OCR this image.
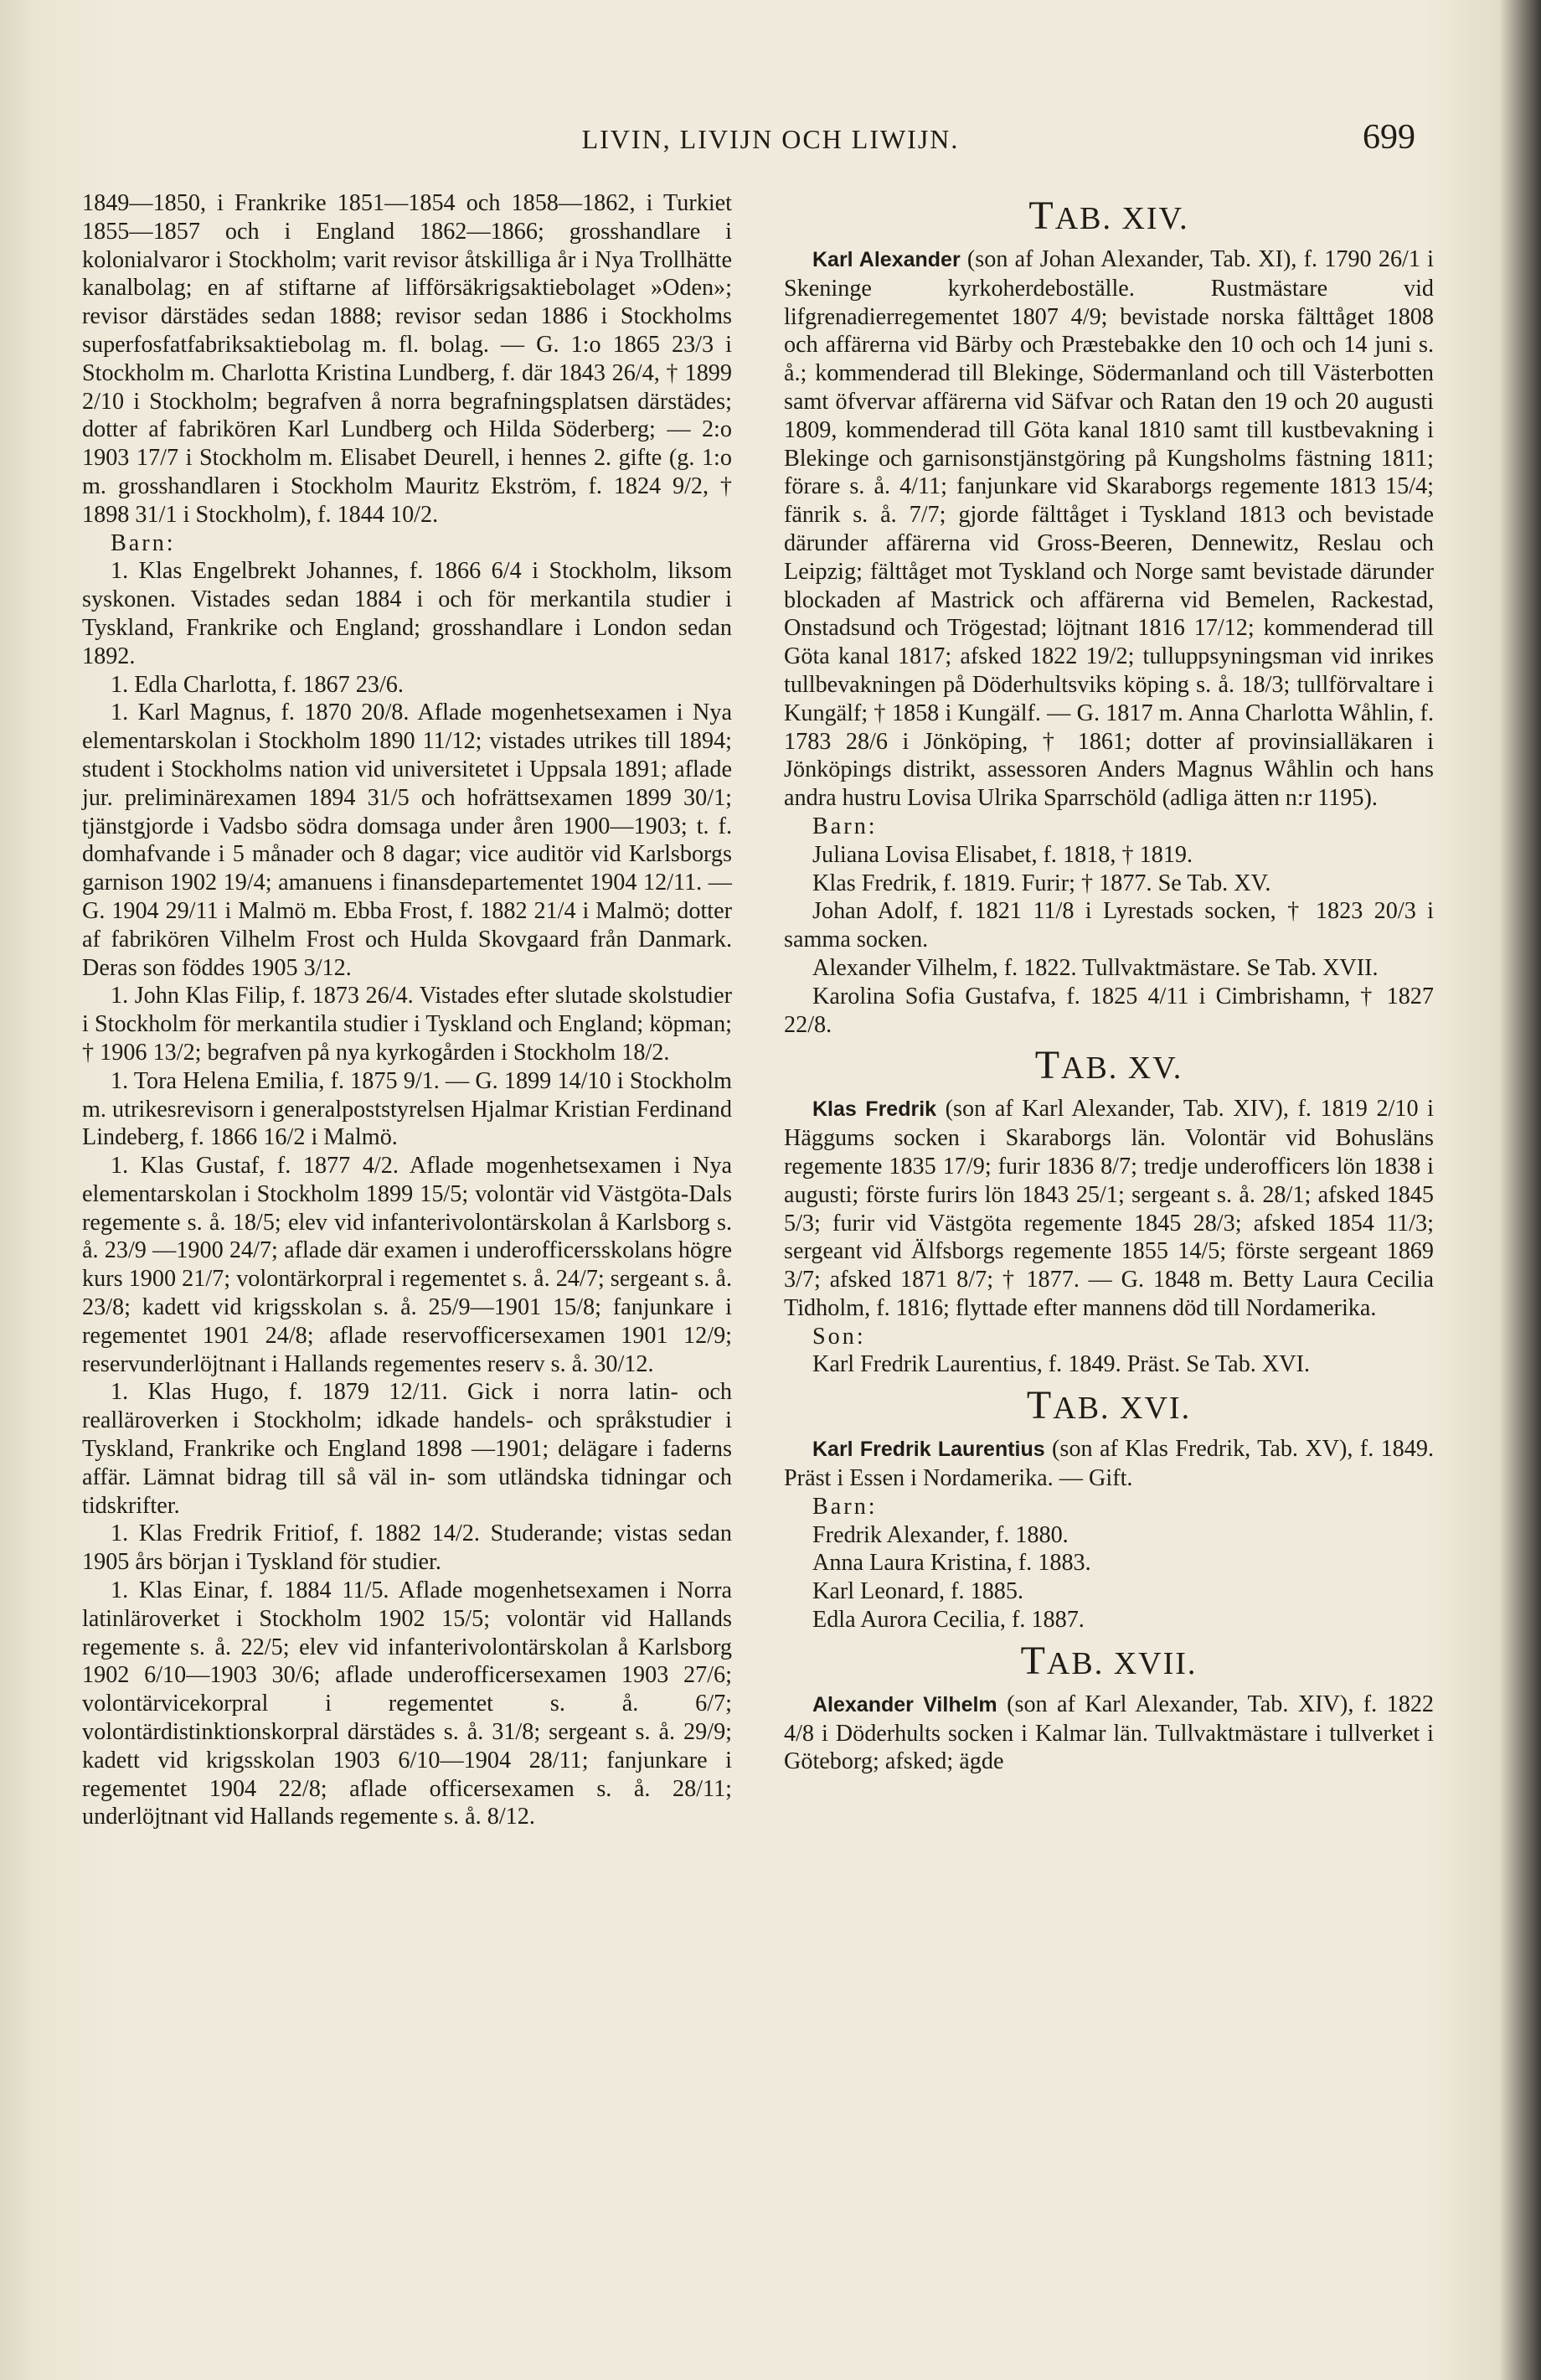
LIVIN, LIVIJN OCH LIWIJN.	699

1849—1850, i Frankrike 1851—1854 och 1858—1862, i Turkiet 1855—1857 och i England 1862—1866; grosshandlare i kolonialvaror i Stockholm; varit revisor åtskilliga år i Nya Trollhätte kanalbolag; en af stiftarne af lifförsäkrigsaktiebolaget »Oden»; revisor därstädes sedan 1888; revisor sedan 1886 i Stockholms superfosfatfabriksaktiebolag m. fl. bolag. — G. 1:o 1865 23/3 i Stockholm m. Charlotta Kristina Lundberg, f. där 1843 26/4, † 1899 2/10 i Stockholm; begrafven å norra begrafningsplatsen därstädes; dotter af fabrikören Karl Lundberg och Hilda Söderberg; — 2:o 1903 17/7 i Stockholm m. Elisabet Deurell, i hennes 2. gifte (g. 1:o m. grosshandlaren i Stockholm Mauritz Ekström, f. 1824 9/2, † 1898 31/1 i Stockholm), f. 1844 10/2.

Barn:

1. Klas Engelbrekt Johannes, f. 1866 6/4 i Stockholm, liksom syskonen. Vistades sedan 1884 i och för merkantila studier i Tyskland, Frankrike och England; grosshandlare i London sedan 1892.

1. Edla Charlotta, f. 1867 23/6.

1. Karl Magnus, f. 1870 20/8. Aflade mogenhetsexamen i Nya elementarskolan i Stockholm 1890 11/12; vistades utrikes till 1894; student i Stockholms nation vid universitetet i Uppsala 1891; aflade jur. preliminärexamen 1894 31/5 och hofrättsexamen 1899 30/1; tjänstgjorde i Vadsbo södra domsaga under åren 1900—1903; t. f. domhafvande i 5 månader och 8 dagar; vice auditör vid Karlsborgs garnison 1902 19/4; amanuens i finansdepartementet 1904 12/11. — G. 1904 29/11 i Malmö m. Ebba Frost, f. 1882 21/4 i Malmö; dotter af fabrikören Vilhelm Frost och Hulda Skovgaard från Danmark. Deras son föddes 1905 3/12.

1. John Klas Filip, f. 1873 26/4. Vistades efter slutade skolstudier i Stockholm för merkantila studier i Tyskland och England; köpman; † 1906 13/2; begrafven på nya kyrkogården i Stockholm 18/2.

1. Tora Helena Emilia, f. 1875 9/1. — G. 1899 14/10 i Stockholm m. utrikesrevisorn i generalpoststyrelsen Hjalmar Kristian Ferdinand Lindeberg, f. 1866 16/2 i Malmö.

1. Klas Gustaf, f. 1877 4/2. Aflade mogenhetsexamen i Nya elementarskolan i Stockholm 1899 15/5; volontär vid Västgöta-Dals regemente s. å. 18/5; elev vid infanterivolontärskolan å Karlsborg s. å. 23/9 —1900 24/7; aflade där examen i underofficersskolans högre kurs 1900 21/7; volontärkorpral i regementet s. å. 24/7; sergeant s. å. 23/8; kadett vid krigsskolan s. å. 25/9—1901 15/8; fanjunkare i regementet 1901 24/8; aflade reservofficersexamen 1901 12/9; reservunderlöjtnant i Hallands regementes reserv s. å. 30/12.

1. Klas Hugo, f. 1879 12/11. Gick i norra latin- och realläroverken i Stockholm; idkade handels- och språkstudier i Tyskland, Frankrike och England 1898 —1901; delägare i faderns affär. Lämnat bidrag till så väl in- som utländska tidningar och tidskrifter.

1. Klas Fredrik Fritiof, f. 1882 14/2. Studerande; vistas sedan 1905 års början i Tyskland för studier.

1. Klas Einar, f. 1884 11/5. Aflade mogenhetsexamen i Norra latinläroverket i Stockholm 1902 15/5; volontär vid Hallands regemente s. å. 22/5; elev vid infanterivolontärskolan å Karlsborg 1902 6/10—1903 30/6; aflade underofficersexamen 1903 27/6; volontärvicekorpral i regementet s. å. 6/7; volontärdistinktionskorpral därstädes s. å. 31/8; sergeant s. å. 29/9; kadett vid krigsskolan 1903 6/10—1904 28/11; fanjunkare i regementet 1904 22/8; aflade officersexamen s. å. 28/11; underlöjtnant vid Hallands regemente s. å. 8/12.

TAB. XIV.

Karl Alexander (son af Johan Alexander, Tab. XI), f. 1790 26/1 i Skeninge kyrkoherdeboställe. Rustmästare vid lifgrenadierregementet 1807 4/9; bevistade norska fälttåget 1808 och affärerna vid Bärby och Præstebakke den 10 och och 14 juni s. å.; kommenderad till Blekinge, Södermanland och till Västerbotten samt öfvervar affärerna vid Säfvar och Ratan den 19 och 20 augusti 1809, kommenderad till Göta kanal 1810 samt till kustbevakning i Blekinge och garnisonstjänstgöring på Kungsholms fästning 1811; förare s. å. 4/11; fanjunkare vid Skaraborgs regemente 1813 15/4; fänrik s. å. 7/7; gjorde fälttåget i Tyskland 1813 och bevistade därunder affärerna vid Gross-Beeren, Dennewitz, Reslau och Leipzig; fälttåget mot Tyskland och Norge samt bevistade därunder blockaden af Mastrick och affärerna vid Bemelen, Rackestad, Onstadsund och Trögestad; löjtnant 1816 17/12; kommenderad till Göta kanal 1817; afsked 1822 19/2; tulluppsyningsman vid inrikes tullbevakningen på Döderhultsviks köping s. å. 18/3; tullförvaltare i Kungälf; † 1858 i Kungälf. — G. 1817 m. Anna Charlotta Wåhlin, f. 1783 28/6 i Jönköping, † 1861; dotter af provinsialläkaren i Jönköpings distrikt, assessoren Anders Magnus Wåhlin och hans andra hustru Lovisa Ulrika Sparrschöld (adliga ätten n:r 1195).

Barn:

Juliana Lovisa Elisabet, f. 1818, † 1819.

Klas Fredrik, f. 1819. Furir; † 1877. Se Tab. XV.

Johan Adolf, f. 1821 11/8 i Lyrestads socken, † 1823 20/3 i samma socken.

Alexander Vilhelm, f. 1822. Tullvaktmästare. Se Tab. XVII.

Karolina Sofia Gustafva, f. 1825 4/11 i Cimbrishamn, † 1827 22/8.

TAB. XV.

Klas Fredrik (son af Karl Alexander, Tab. XIV), f. 1819 2/10 i Häggums socken i Skaraborgs län. Volontär vid Bohusläns regemente 1835 17/9; furir 1836 8/7; tredje underofficers lön 1838 i augusti; förste furirs lön 1843 25/1; sergeant s. å. 28/1; afsked 1845 5/3; furir vid Västgöta regemente 1845 28/3; afsked 1854 11/3; sergeant vid Älfsborgs regemente 1855 14/5; förste sergeant 1869 3/7; afsked 1871 8/7; † 1877. — G. 1848 m. Betty Laura Cecilia Tidholm, f. 1816; flyttade efter mannens död till Nordamerika.

Son:

Karl Fredrik Laurentius, f. 1849. Präst. Se Tab. XVI.

TAB. XVI.

Karl Fredrik Laurentius (son af Klas Fredrik, Tab. XV), f. 1849. Präst i Essen i Nordamerika. — Gift.

Barn:

Fredrik Alexander, f. 1880.

Anna Laura Kristina, f. 1883.

Karl Leonard, f. 1885.

Edla Aurora Cecilia, f. 1887.

TAB. XVII.

Alexander Vilhelm (son af Karl Alexander, Tab. XIV), f. 1822 4/8 i Döderhults socken i Kalmar län. Tullvaktmästare i tullverket i Göteborg; afsked; ägde
